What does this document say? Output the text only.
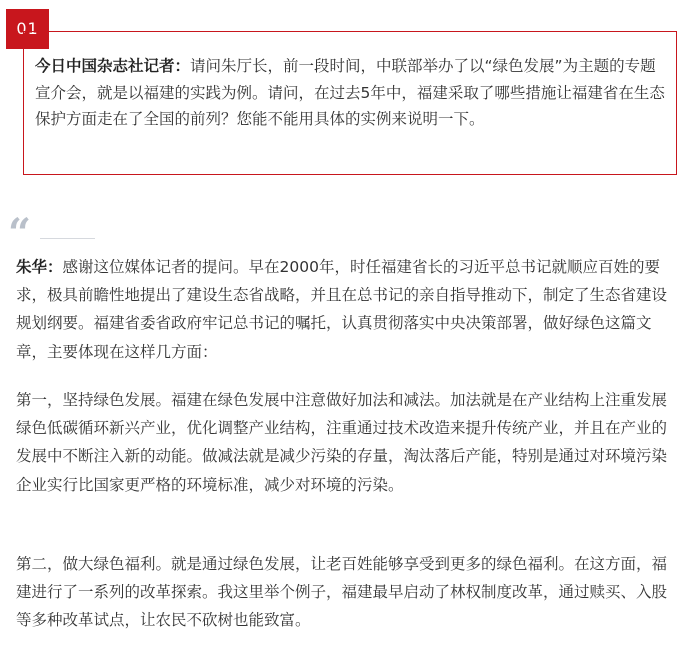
01

今日中国杂志社记者：请问朱厅长，前一段时间，中联部举办了以“绿色发展”为主题的专题宣介会，就是以福建的实践为例。请问，在过去5年中，福建采取了哪些措施让福建省在生态保护方面走在了全国的前列？您能不能用具体的实例来说明一下。

“

朱华：感谢这位媒体记者的提问。早在2000年，时任福建省长的习近平总书记就顺应百姓的要求，极具前瞻性地提出了建设生态省战略，并且在总书记的亲自指导推动下，制定了生态省建设规划纲要。福建省委省政府牢记总书记的嘱托，认真贯彻落实中央决策部署，做好绿色这篇文章，主要体现在这样几方面：

第一，坚持绿色发展。福建在绿色发展中注意做好加法和减法。加法就是在产业结构上注重发展绿色低碳循环新兴产业，优化调整产业结构，注重通过技术改造来提升传统产业，并且在产业的发展中不断注入新的动能。做减法就是减少污染的存量，淘汰落后产能，特别是通过对环境污染企业实行比国家更严格的环境标准，减少对环境的污染。

第二，做大绿色福利。就是通过绿色发展，让老百姓能够享受到更多的绿色福利。在这方面，福建进行了一系列的改革探索。我这里举个例子，福建最早启动了林权制度改革，通过赎买、入股等多种改革试点，让农民不砍树也能致富。
